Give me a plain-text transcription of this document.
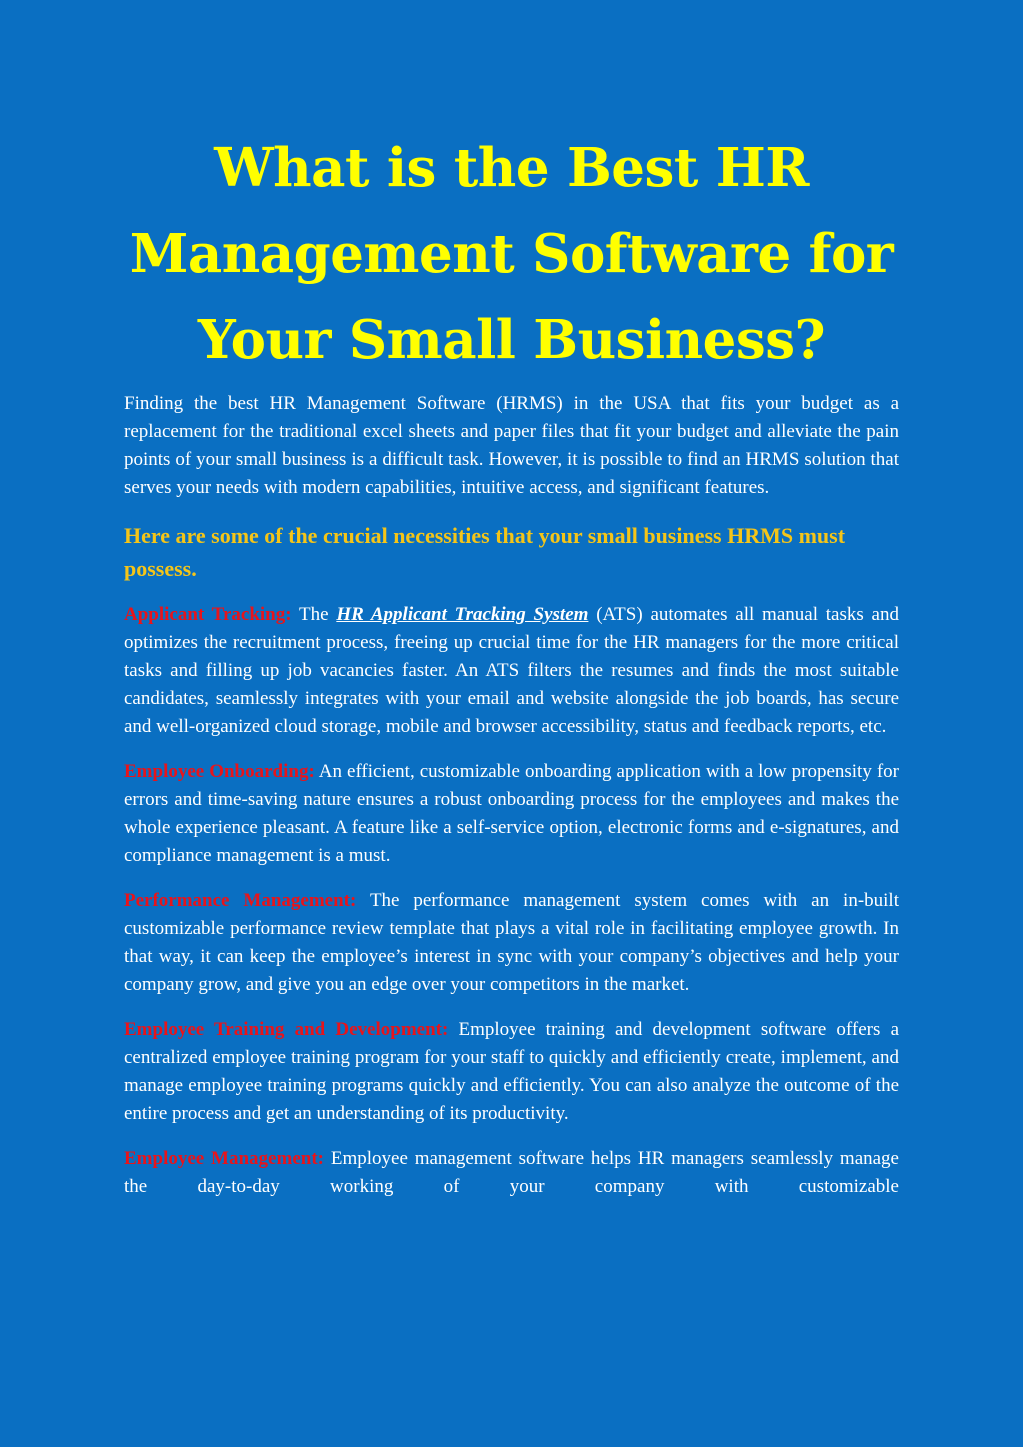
What is the Best HR Management Software for Your Small Business?

Finding the best HR Management Software (HRMS) in the USA that fits your budget as a replacement for the traditional excel sheets and paper files that fit your budget and alleviate the pain points of your small business is a difficult task. However, it is possible to find an HRMS solution that serves your needs with modern capabilities, intuitive access, and significant features.

Here are some of the crucial necessities that your small business HRMS must possess.

Applicant Tracking: The HR Applicant Tracking System (ATS) automates all manual tasks and optimizes the recruitment process, freeing up crucial time for the HR managers for the more critical tasks and filling up job vacancies faster. An ATS filters the resumes and finds the most suitable candidates, seamlessly integrates with your email and website alongside the job boards, has secure and well-organized cloud storage, mobile and browser accessibility, status and feedback reports, etc.

Employee Onboarding: An efficient, customizable onboarding application with a low propensity for errors and time-saving nature ensures a robust onboarding process for the employees and makes the whole experience pleasant. A feature like a self-service option, electronic forms and e-signatures, and compliance management is a must.

Performance Management: The performance management system comes with an in-built customizable performance review template that plays a vital role in facilitating employee growth. In that way, it can keep the employee’s interest in sync with your company’s objectives and help your company grow, and give you an edge over your competitors in the market.

Employee Training and Development: Employee training and development software offers a centralized employee training program for your staff to quickly and efficiently create, implement, and manage employee training programs quickly and efficiently. You can also analyze the outcome of the entire process and get an understanding of its productivity.

Employee Management: Employee management software helps HR managers seamlessly manage the day-to-day working of your company with customizable
